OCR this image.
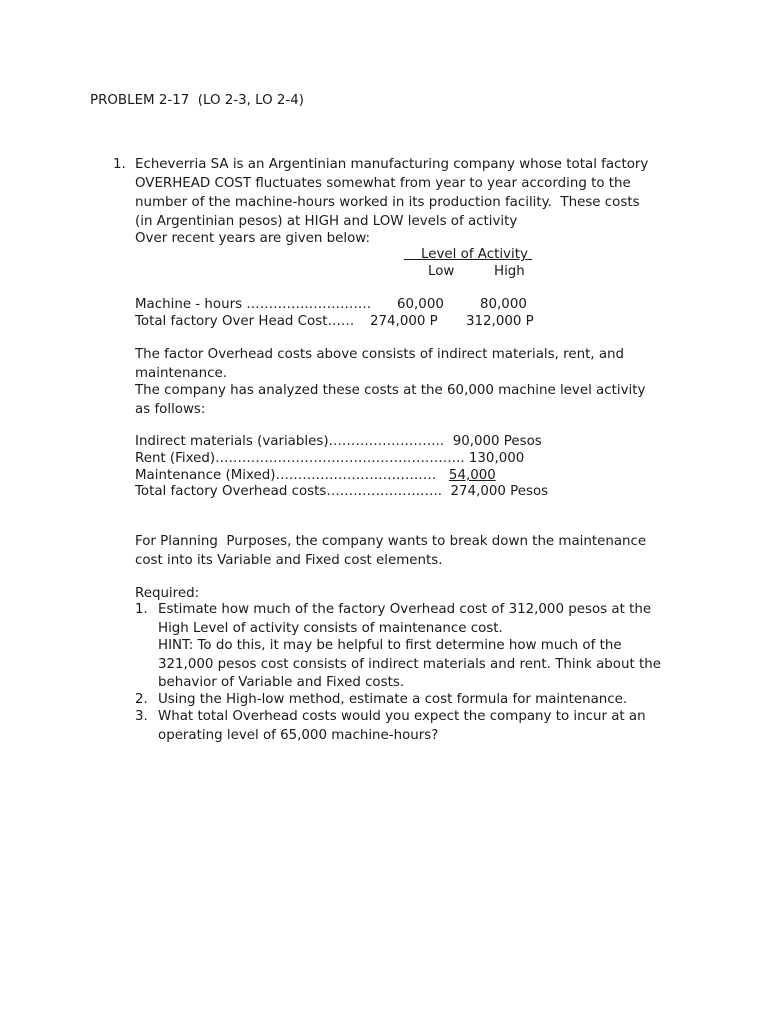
PROBLEM 2-17  (LO 2-3, LO 2-4)
1. Echeverria SA is an Argentinian manufacturing company whose total factory
OVERHEAD COST fluctuates somewhat from year to year according to the
number of the machine-hours worked in its production facility.  These costs
(in Argentinian pesos) at HIGH and LOW levels of activity
Over recent years are given below:
Level of Activity
Low	High
Machine - hours ………………………. 60,000	80,000
Total factory Over Head Cost…… 274,000 P 312,000 P
The factor Overhead costs above consists of indirect materials, rent, and
maintenance.
The company has analyzed these costs at the 60,000 machine level activity
as follows:
Indirect materials (variables)……………………..  90,000 Pesos
Rent (Fixed)……………………………………………….. 130,000
Maintenance (Mixed)………………………………   54,000
Total factory Overhead costs……………………..  274,000 Pesos
For Planning  Purposes, the company wants to break down the maintenance
cost into its Variable and Fixed cost elements.
Required:
1. Estimate how much of the factory Overhead cost of 312,000 pesos at the
High Level of activity consists of maintenance cost.
HINT: To do this, it may be helpful to first determine how much of the
321,000 pesos cost consists of indirect materials and rent. Think about the
behavior of Variable and Fixed costs.
2. Using the High-low method, estimate a cost formula for maintenance.
3. What total Overhead costs would you expect the company to incur at an
operating level of 65,000 machine-hours?
